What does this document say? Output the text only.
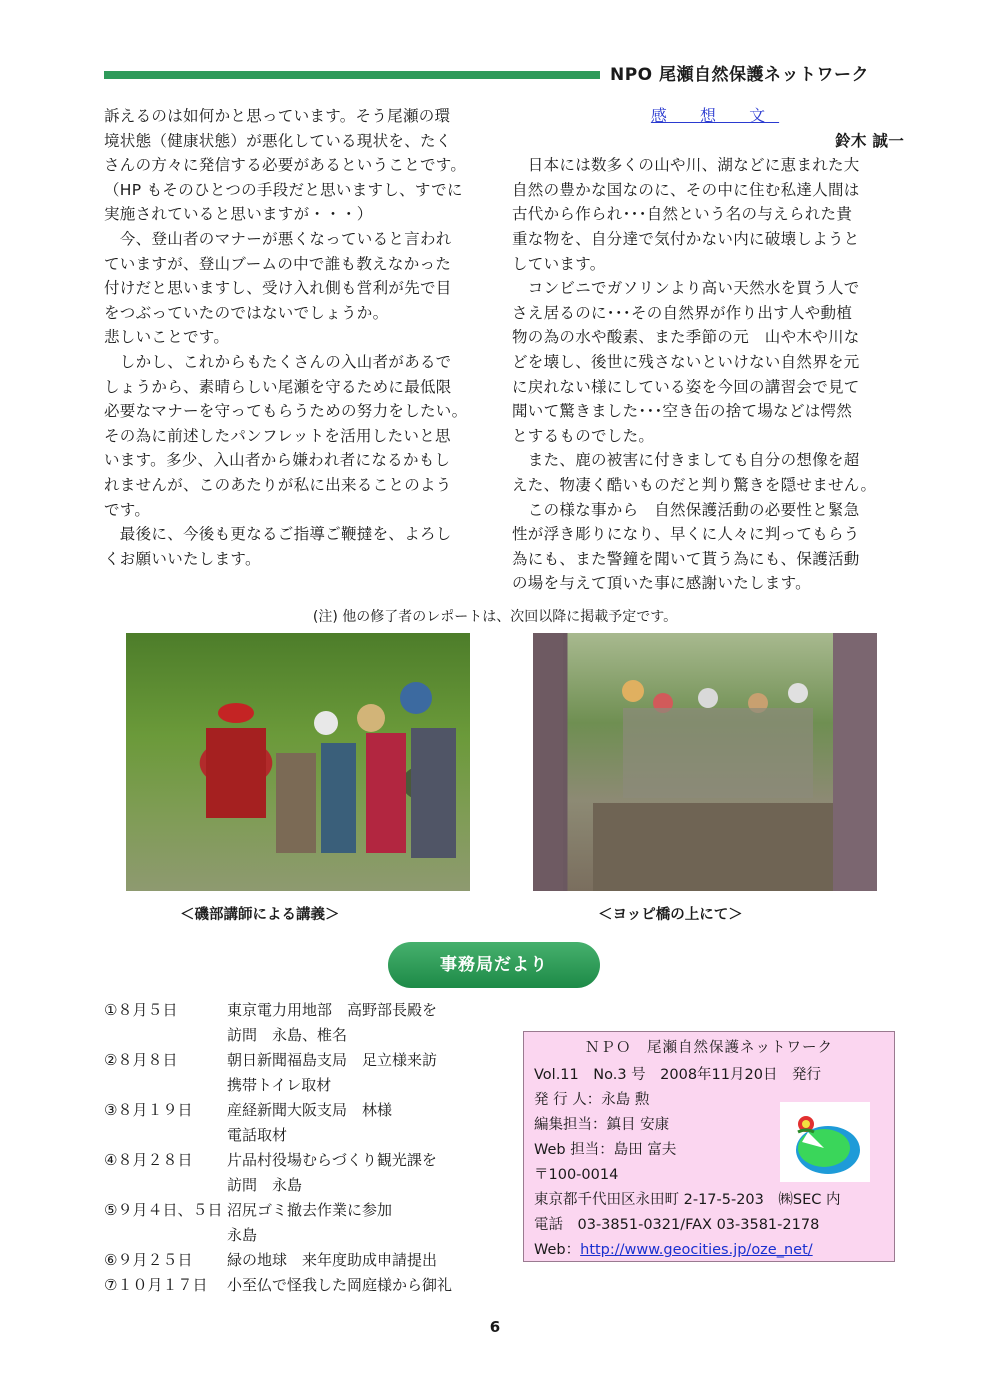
NPO 尾瀬自然保護ネットワーク

訴えるのは如何かと思っています。そう尾瀬の環

境状態（健康状態）が悪化している現状を、たく

さんの方々に発信する必要があるということです。

（HP もそのひとつの手段だと思いますし、すでに

実施されていると思いますが・・・）

　今、登山者のマナーが悪くなっていると言われ

ていますが、登山ブームの中で誰も教えなかった

付けだと思いますし、受け入れ側も営利が先で目

をつぶっていたのではないでしょうか。

悲しいことです。

　しかし、これからもたくさんの入山者があるで

しょうから、素晴らしい尾瀬を守るために最低限

必要なマナーを守ってもらうための努力をしたい。

その為に前述したパンフレットを活用したいと思

います。多少、入山者から嫌われ者になるかもし

れませんが、このあたりが私に出来ることのよう

です。

　最後に、今後も更なるご指導ご鞭撻を、よろし

くお願いいたします。

感 想 文

鈴木 誠一

　日本には数多くの山や川、湖などに恵まれた大

自然の豊かな国なのに、その中に住む私達人間は

古代から作られ･･･自然という名の与えられた貴

重な物を、自分達で気付かない内に破壊しようと

しています。

　コンビニでガソリンより高い天然水を買う人で

さえ居るのに･･･その自然界が作り出す人や動植

物の為の水や酸素、また季節の元　山や木や川な

どを壊し、後世に残さないといけない自然界を元

に戻れない様にしている姿を今回の講習会で見て

聞いて驚きました･･･空き缶の捨て場などは愕然

とするものでした。

　また、鹿の被害に付きましても自分の想像を超

えた、物凄く酷いものだと判り驚きを隠せません。

　この様な事から　自然保護活動の必要性と緊急

性が浮き彫りになり、早くに人々に判ってもらう

為にも、また警鐘を聞いて貰う為にも、保護活動

の場を与えて頂いた事に感謝いたします。

(注) 他の修了者のレポートは、次回以降に掲載予定です。
＜磯部講師による講義＞	＜ヨッピ橋の上にて＞
事務局だより
①８月５日	東京電力用地部　高野部長殿を
訪問　永島、椎名
②８月８日	朝日新聞福島支局　足立様来訪
携帯トイレ取材
③８月１９日 産経新聞大阪支局　林様
電話取材
④８月２８日 片品村役場むらづくり観光課を
訪問　永島
⑤９月４日、５日 沼尻ゴミ撤去作業に参加
永島
⑥９月２５日 緑の地球　来年度助成申請提出
⑦１０月１７日 小至仏で怪我した岡庭様から御礼
ＮＰＯ　尾瀬自然保護ネットワーク
Vol.11　No.3 号　2008年11月20日　発行
発 行 人：永島 勲
編集担当：鎮目 安康
Web 担当：島田 富夫
〒100-0014
東京都千代田区永田町 2-17-5-203　㈱SEC 内
電話　03-3851-0321/FAX 03-3581-2178
Web：http://www.geocities.jp/oze_net/
6
